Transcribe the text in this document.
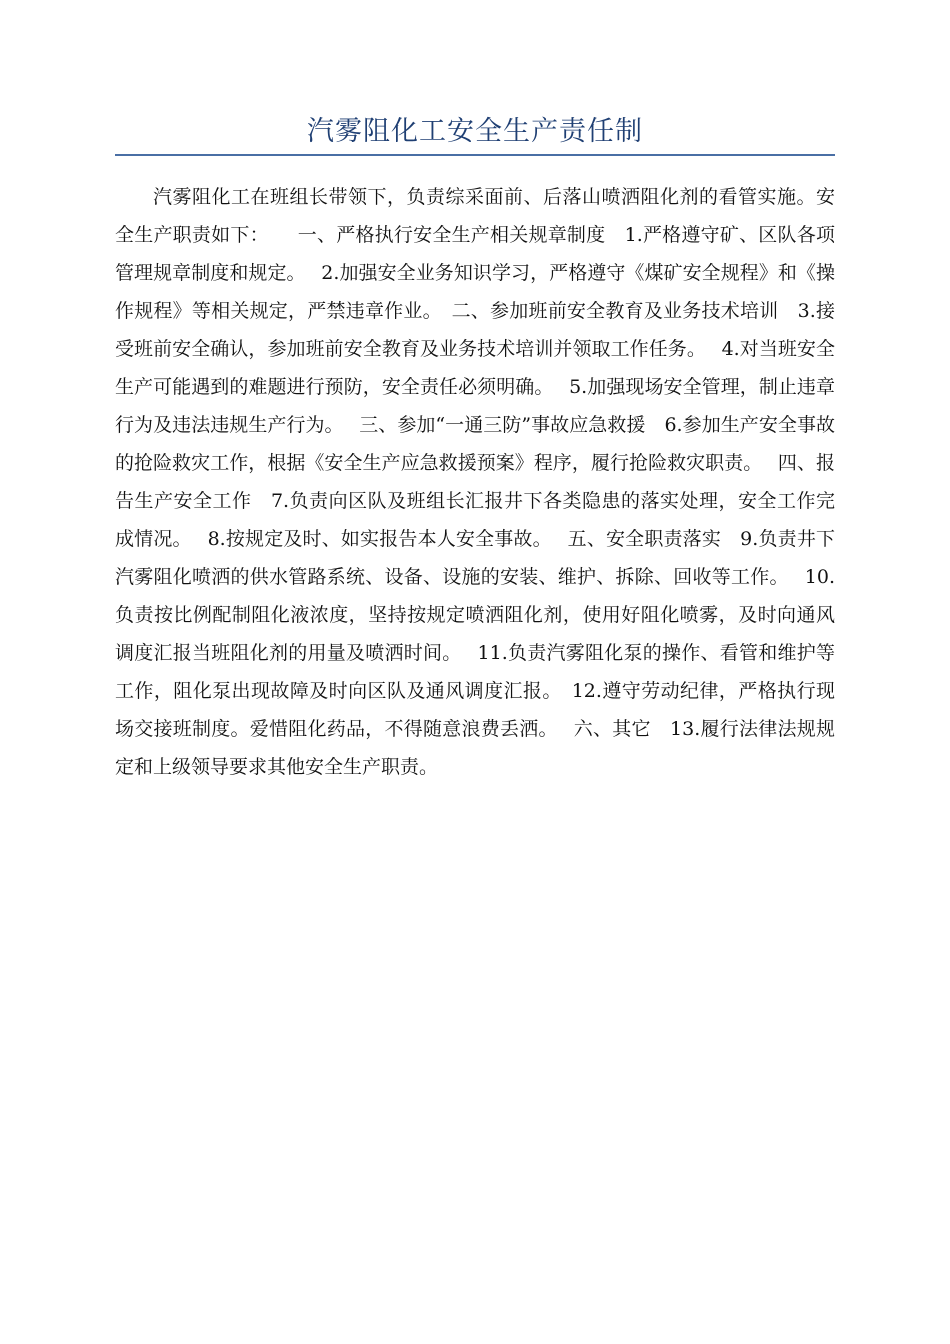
汽雾阻化工安全生产责任制

汽雾阻化工在班组长带领下，负责综采面前、后落山喷洒阻化剂的看管实施。安全生产职责如下：　　一、严格执行安全生产相关规章制度　1.严格遵守矿、区队各项管理规章制度和规定。　 2.加强安全业务知识学习，严格遵守《煤矿安全规程》和《操作规程》等相关规定，严禁违章作业。　二、参加班前安全教育及业务技术培训　3.接受班前安全确认，参加班前安全教育及业务技术培训并领取工作任务。　 4.对当班安全生产可能遇到的难题进行预防，安全责任必须明确。　 5.加强现场安全管理，制止违章行为及违法违规生产行为。　 三、参加“一通三防”事故应急救援　6.参加生产安全事故的抢险救灾工作，根据《安全生产应急救援预案》程序，履行抢险救灾职责。　 四、报告生产安全工作　7.负责向区队及班组长汇报井下各类隐患的落实处理，安全工作完成情况。　 8.按规定及时、如实报告本人安全事故。　 五、安全职责落实　9.负责井下汽雾阻化喷洒的供水管路系统、设备、设施的安装、维护、拆除、回收等工作。　 10.负责按比例配制阻化液浓度，坚持按规定喷洒阻化剂，使用好阻化喷雾，及时向通风调度汇报当班阻化剂的用量及喷洒时间。　 11.负责汽雾阻化泵的操作、看管和维护等工作，阻化泵出现故障及时向区队及通风调度汇报。　12.遵守劳动纪律，严格执行现场交接班制度。爱惜阻化药品，不得随意浪费丢洒。　 六、其它　13.履行法律法规规定和上级领导要求其他安全生产职责。
